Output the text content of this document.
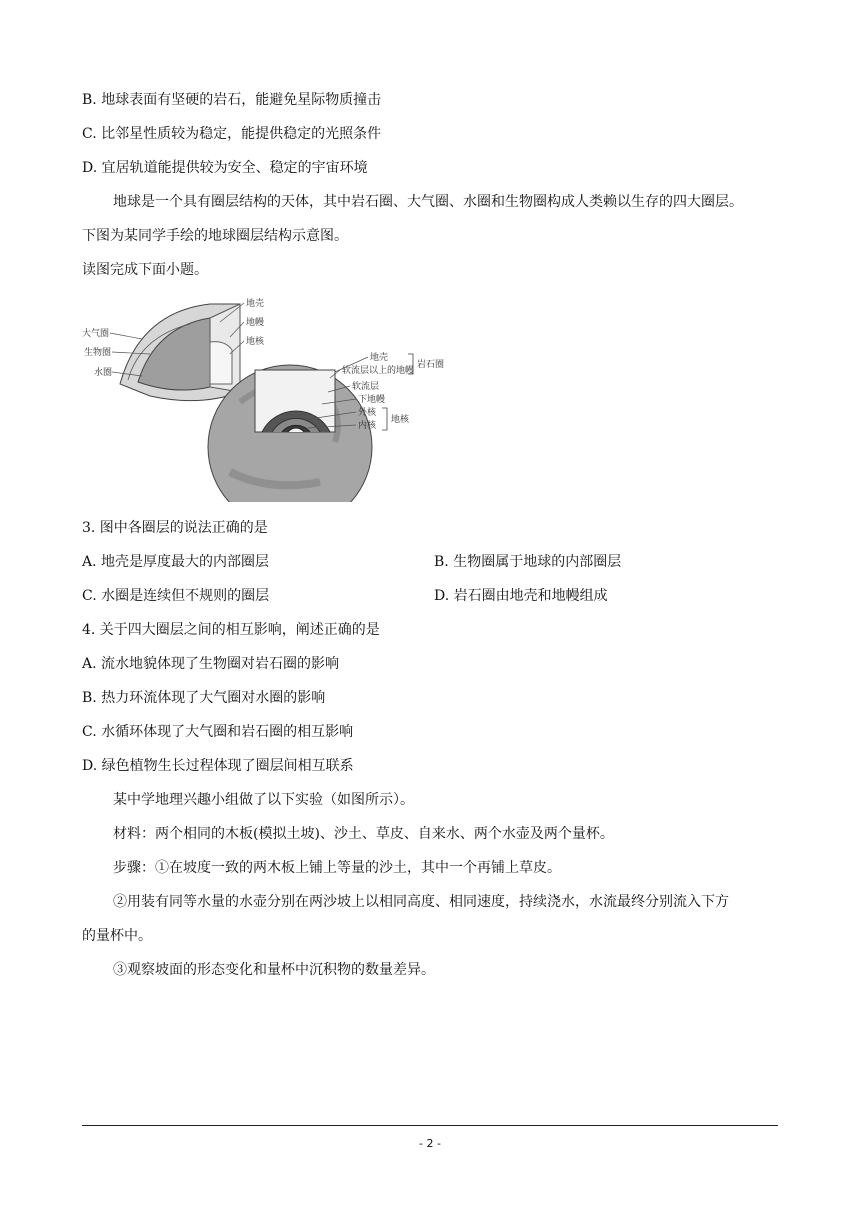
B. 地球表面有坚硬的岩石，能避免星际物质撞击
C. 比邻星性质较为稳定，能提供稳定的光照条件
D. 宜居轨道能提供较为安全、稳定的宇宙环境
地球是一个具有圈层结构的天体，其中岩石圈、大气圈、水圈和生物圈构成人类赖以生存的四大圈层。
下图为某同学手绘的地球圈层结构示意图。
读图完成下面小题。
大气圈
生物圈
水圈
地壳
地幔
地核
地壳
软流层以上的地幔
岩石圈
软流层
下地幔
外核
内核
地核
3. 图中各圈层的说法正确的是
A. 地壳是厚度最大的内部圈层	B. 生物圈属于地球的内部圈层
C. 水圈是连续但不规则的圈层	D. 岩石圈由地壳和地幔组成
4. 关于四大圈层之间的相互影响，阐述正确的是
A. 流水地貌体现了生物圈对岩石圈的影响
B. 热力环流体现了大气圈对水圈的影响
C. 水循环体现了大气圈和岩石圈的相互影响
D. 绿色植物生长过程体现了圈层间相互联系
某中学地理兴趣小组做了以下实验（如图所示）。
材料：两个相同的木板(模拟土坡)、沙土、草皮、自来水、两个水壶及两个量杯。
步骤：①在坡度一致的两木板上铺上等量的沙土，其中一个再铺上草皮。
②用装有同等水量的水壶分别在两沙坡上以相同高度、相同速度，持续浇水，水流最终分别流入下方
的量杯中。
③观察坡面的形态变化和量杯中沉积物的数量差异。
- 2 -
